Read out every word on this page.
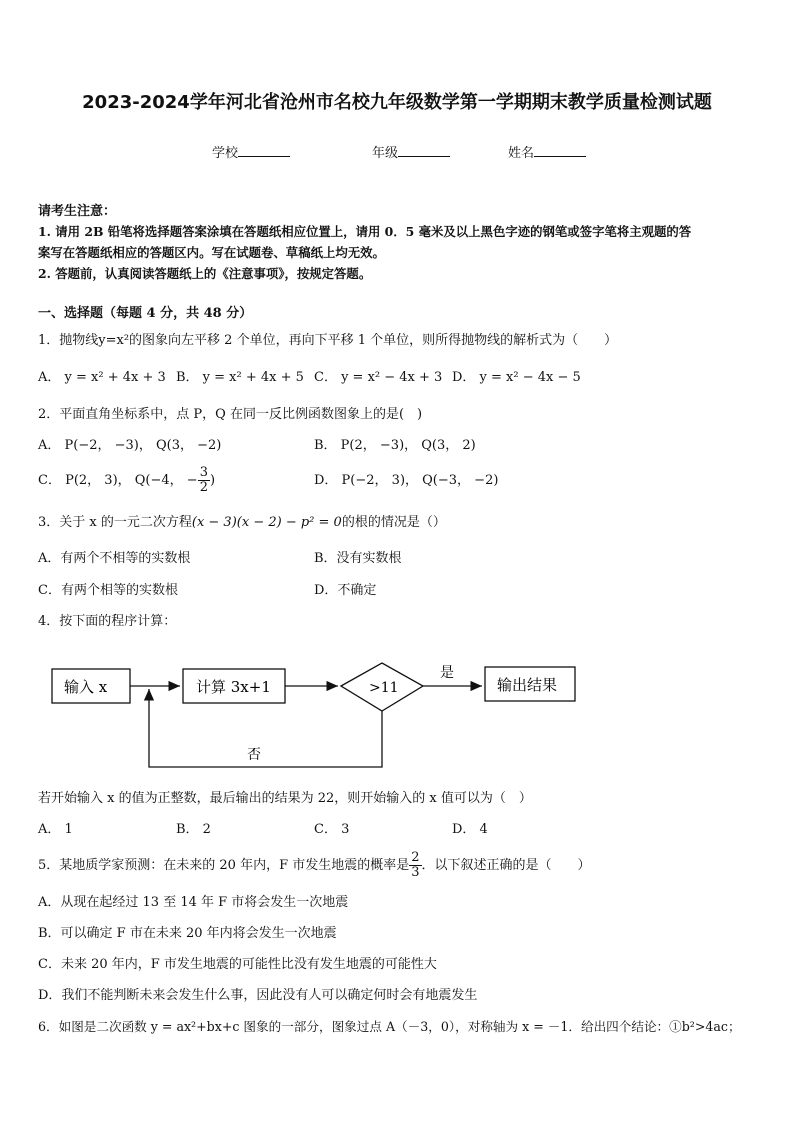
2023-2024学年河北省沧州市名校九年级数学第一学期期末教学质量检测试题
学校	年级	姓名
请考生注意：
1. 请用 2B 铅笔将选择题答案涂填在答题纸相应位置上，请用 0．5 毫米及以上黑色字迹的钢笔或签字笔将主观题的答
案写在答题纸相应的答题区内。写在试题卷、草稿纸上均无效。
2. 答题前，认真阅读答题纸上的《注意事项》，按规定答题。
一、选择题（每题 4 分，共 48 分）
1．抛物线y=x²的图象向左平移 2 个单位，再向下平移 1 个单位，则所得抛物线的解析式为（　　）
A． y = x² + 4x + 3 B． y = x² + 4x + 5 C． y = x² − 4x + 3 D． y = x² − 4x − 5
2．平面直角坐标系中，点 P，Q 在同一反比例函数图象上的是(　)
A． P(−2， −3)， Q(3， −2)	B． P(2， −3)， Q(3， 2)
C． P(2， 3)， Q(−4， − $\frac{3}{2}$ )	D． P(−2， 3)， Q(−3， −2)
3．关于 x 的一元二次方程(x − 3)(x − 2) − p² = 0的根的情况是（）
A．有两个不相等的实数根	B．没有实数根
C．有两个相等的实数根	D．不确定
4．按下面的程序计算：
输入 x	计算 3x+1	>11
是
输出结果
否
若开始输入 x 的值为正整数，最后输出的结果为 22，则开始输入的 x 值可以为（　）
A． 1	B． 2	C． 3	D． 4
5．某地质学家预测：在未来的 20 年内，F 市发生地震的概率是 $\frac{2}{3}$ ．以下叙述正确的是（　　）
A．从现在起经过 13 至 14 年 F 市将会发生一次地震
B．可以确定 F 市在未来 20 年内将会发生一次地震
C．未来 20 年内，F 市发生地震的可能性比没有发生地震的可能性大
D．我们不能判断未来会发生什么事，因此没有人可以确定何时会有地震发生
6．如图是二次函数 y = ax²+bx+c 图象的一部分，图象过点 A（－3，0），对称轴为 x = －1．给出四个结论：①b²>4ac；
